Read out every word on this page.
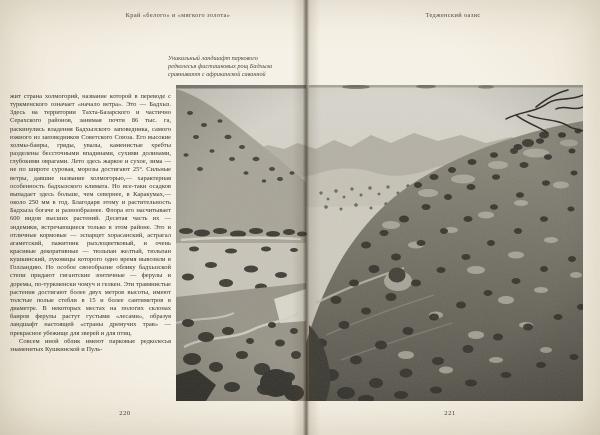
Край «белого» и «мягкого золота»	Тедженский оазис
Уникальный ландшафт паркового
редколесья фисташковых рощ Бадхыза
сравнивают с африканской саванной

жит страна холмогорий, название которой в переводе с туркменского означает «начало ветра». Это — Бадхыз. Здесь на территории Тахта-Базарского и частично Серахского районов, занимая почти 86 тыс. га, раскинулись владения Бадхызского заповедника, самого южного из заповедников Советского Союза. Его высокие холмы-баиры, гряды, увалы, каменистые хребты разделены бессточными впадинами, сухими долинами, глубокими оврагами. Лето здесь жаркое и сухое, зима — не по широте суровая, морозы достигают 25°. Сильные ветры, давшие название холмогорью,— характерная особенность бадхызского климата. Но все-таки осадков выпадает здесь больше, чем севернее, в Каракумах,— около 250 мм в год. Благодаря этому и растительность Бадхыза богаче и разнообразнее. Флора его насчитывает 600 видов высших растений. Десятая часть их — эндемики, встречающиеся только в этом районе. Это и отличные кормовые — эспарцет хорасанский, астрагал агаметский, пажитник рыхлоцветковый, и очень красивые декоративные — тюльпан желтый, тюльпан кушкинский, луковицы которого одно время вывозили в Голландию. Но особое своеобразие облику бадхызской степи придают гигантские зонтичные — ферулы и доремы, по-туркменски чомуч и гелкен. Эти травянистые растения достигают более двух метров высоты, имеют толстые полые стебли в 15 и более сантиметров в диаметре. В некоторых местах на пологих склонах баиров ферулы растут густыми «лесами», образуя ландшафт настоящей «страны дремучих трав» — прекрасное убежище для зверей и для птиц.

Совсем иной облик имеют парковые редколесья знаменитых Кушкинской и Пуль-

220	221
